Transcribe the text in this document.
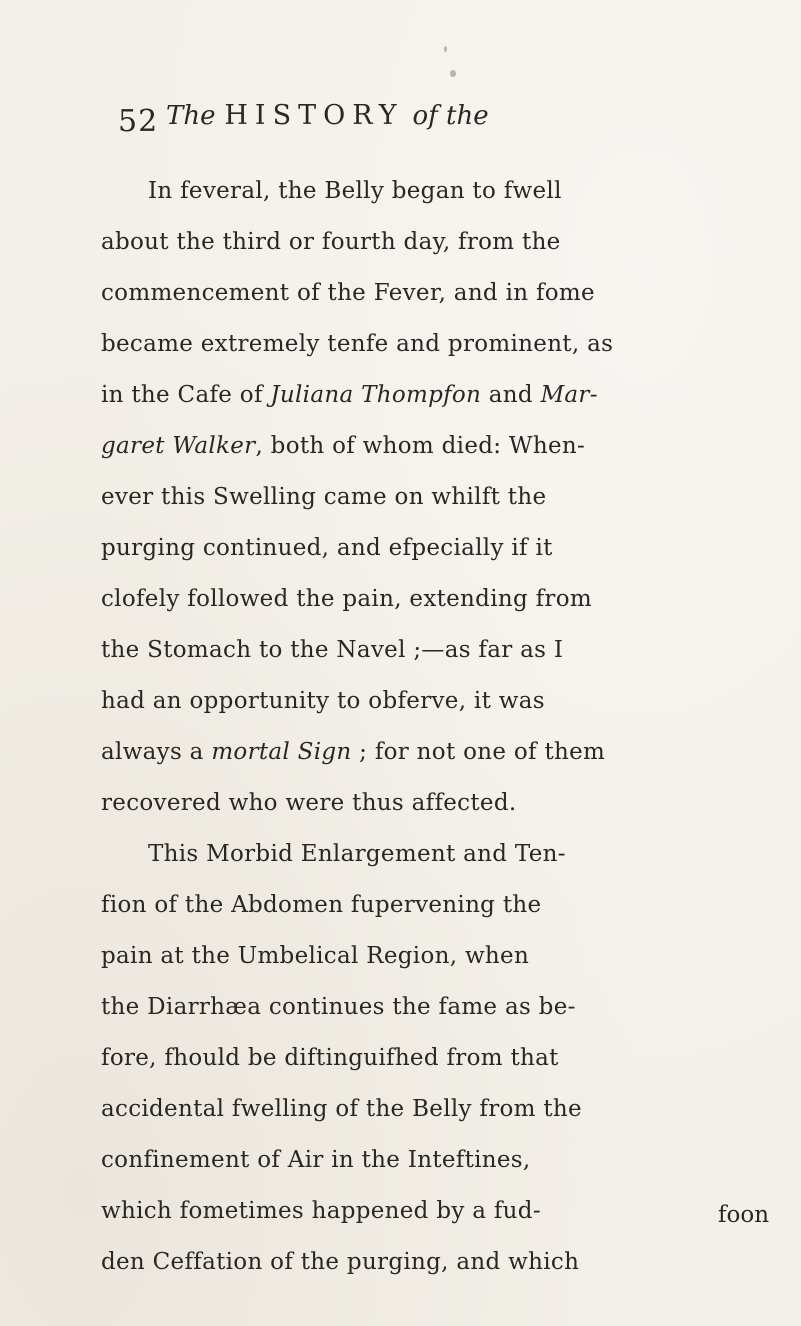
52 The HISTORY of the
In feveral, the Belly began to fwell
about the third or fourth day, from the
commencement of the Fever, and in fome
became extremely tenfe and prominent, as
in the Cafe of Juliana Thompfon and Mar-
garet Walker, both of whom died: When-
ever this Swelling came on whilft the
purging continued, and efpecially if it
clofely followed the pain, extending from
the Stomach to the Navel ;—as far as I
had an opportunity to obferve, it was
always a mortal Sign ; for not one of them
recovered who were thus affected.
This Morbid Enlargement and Ten-
fion of the Abdomen fupervening the
pain at the Umbelical Region, when
the Diarrhæa continues the fame as be-
fore, fhould be diftinguifhed from that
accidental fwelling of the Belly from the
confinement of Air in the Inteftines,
which fometimes happened by a fud-
den Ceffation of the purging, and which
foon
